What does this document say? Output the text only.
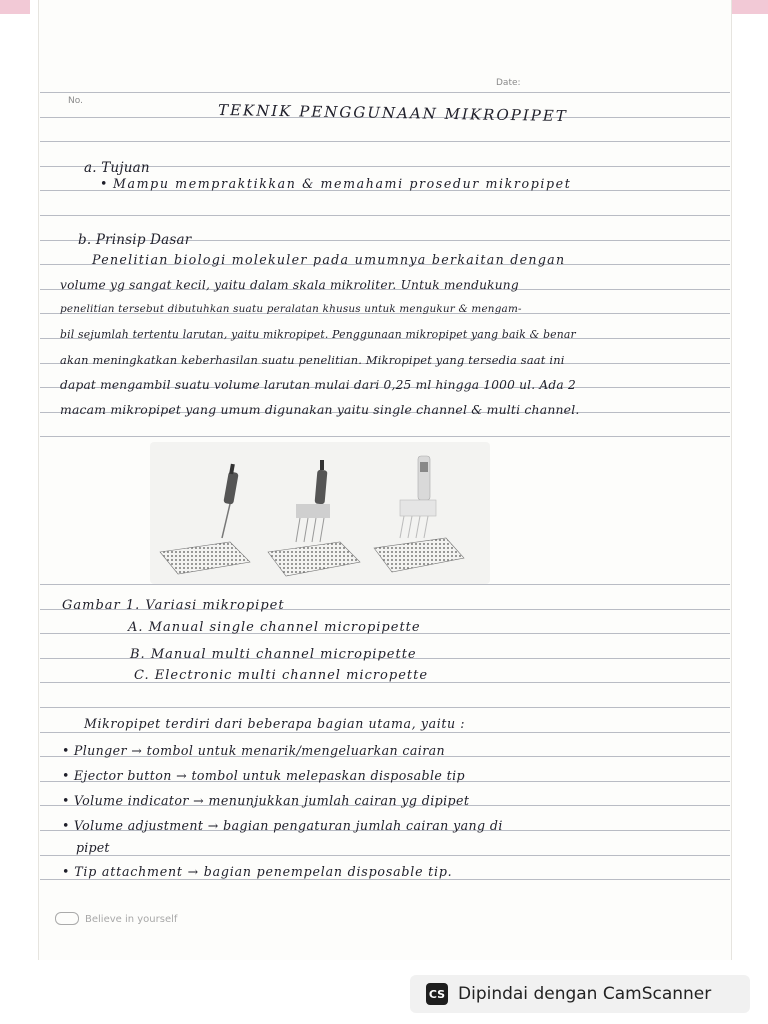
No.
Date:
TEKNIK PENGGUNAAN MIKROPIPET
a. Tujuan
• Mampu mempraktikkan & memahami prosedur mikropipet
b. Prinsip Dasar
Penelitian biologi molekuler pada umumnya berkaitan dengan
volume yg sangat kecil, yaitu dalam skala mikroliter. Untuk mendukung
penelitian tersebut dibutuhkan suatu peralatan khusus untuk mengukur & mengam-
bil sejumlah tertentu larutan, yaitu mikropipet. Penggunaan mikropipet yang baik & benar
akan meningkatkan keberhasilan suatu penelitian. Mikropipet yang tersedia saat ini
dapat mengambil suatu volume larutan mulai dari 0,25 ml hingga 1000 ul. Ada 2
macam mikropipet yang umum digunakan yaitu single channel & multi channel.
Gambar 1. Variasi mikropipet
A. Manual single channel micropipette
B. Manual multi channel micropipette
C. Electronic multi channel micropette
Mikropipet terdiri dari beberapa bagian utama, yaitu :
• Plunger → tombol untuk menarik/mengeluarkan cairan
• Ejector button → tombol untuk melepaskan disposable tip
• Volume indicator → menunjukkan jumlah cairan yg dipipet
• Volume adjustment → bagian pengaturan jumlah cairan yang di
pipet
• Tip attachment → bagian penempelan disposable tip.
Believe in yourself
CS Dipindai dengan CamScanner
